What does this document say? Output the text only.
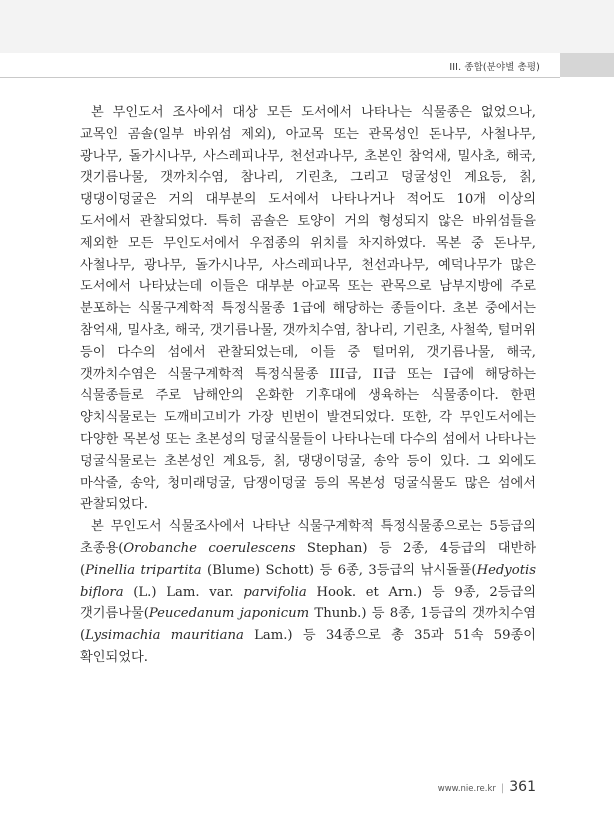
III. 종합(분야별 총평)

본 무인도서 조사에서 대상 모든 도서에서 나타나는 식물종은 없었으나, 교목인 곰솔(일부 바위섬 제외), 아교목 또는 관목성인 돈나무, 사철나무, 광나무, 돌가시나무, 사스레피나무, 천선과나무, 초본인 참억새, 밀사초, 해국, 갯기름나물, 갯까치수염, 참나리, 기린초, 그리고 덩굴성인 계요등, 칡, 댕댕이덩굴은 거의 대부분의 도서에서 나타나거나 적어도 10개 이상의 도서에서 관찰되었다. 특히 곰솔은 토양이 거의 형성되지 않은 바위섬들을 제외한 모든 무인도서에서 우점종의 위치를 차지하였다. 목본 중 돈나무, 사철나무, 광나무, 돌가시나무, 사스레피나무, 천선과나무, 예덕나무가 많은 도서에서 나타났는데 이들은 대부분 아교목 또는 관목으로 남부지방에 주로 분포하는 식물구계학적 특정식물종 1급에 해당하는 종들이다. 초본 중에서는 참억새, 밀사초, 해국, 갯기름나물, 갯까치수염, 참나리, 기린초, 사철쑥, 털머위 등이 다수의 섬에서 관찰되었는데, 이들 중 털머위, 갯기름나물, 해국, 갯까치수염은 식물구계학적 특정식물종 III급, II급 또는 I급에 해당하는 식물종들로 주로 남해안의 온화한 기후대에 생육하는 식물종이다. 한편 양치식물로는 도깨비고비가 가장 빈번이 발견되었다. 또한, 각 무인도서에는 다양한 목본성 또는 초본성의 덩굴식물들이 나타나는데 다수의 섬에서 나타나는 덩굴식물로는 초본성인 계요등, 칡, 댕댕이덩굴, 송악 등이 있다. 그 외에도 마삭줄, 송악, 청미래덩굴, 담쟁이덩굴 등의 목본성 덩굴식물도 많은 섬에서 관찰되었다.

본 무인도서 식물조사에서 나타난 식물구계학적 특정식물종으로는 5등급의 초종용(Orobanche coerulescens Stephan) 등 2종, 4등급의 대반하(Pinellia tripartita (Blume) Schott) 등 6종, 3등급의 낚시돌풀(Hedyotis biflora (L.) Lam. var. parvifolia Hook. et Arn.) 등 9종, 2등급의 갯기름나물(Peucedanum japonicum Thunb.) 등 8종, 1등급의 갯까치수염(Lysimachia mauritiana Lam.) 등 34종으로 총 35과 51속 59종이 확인되었다.

www.nie.re.kr | 361
